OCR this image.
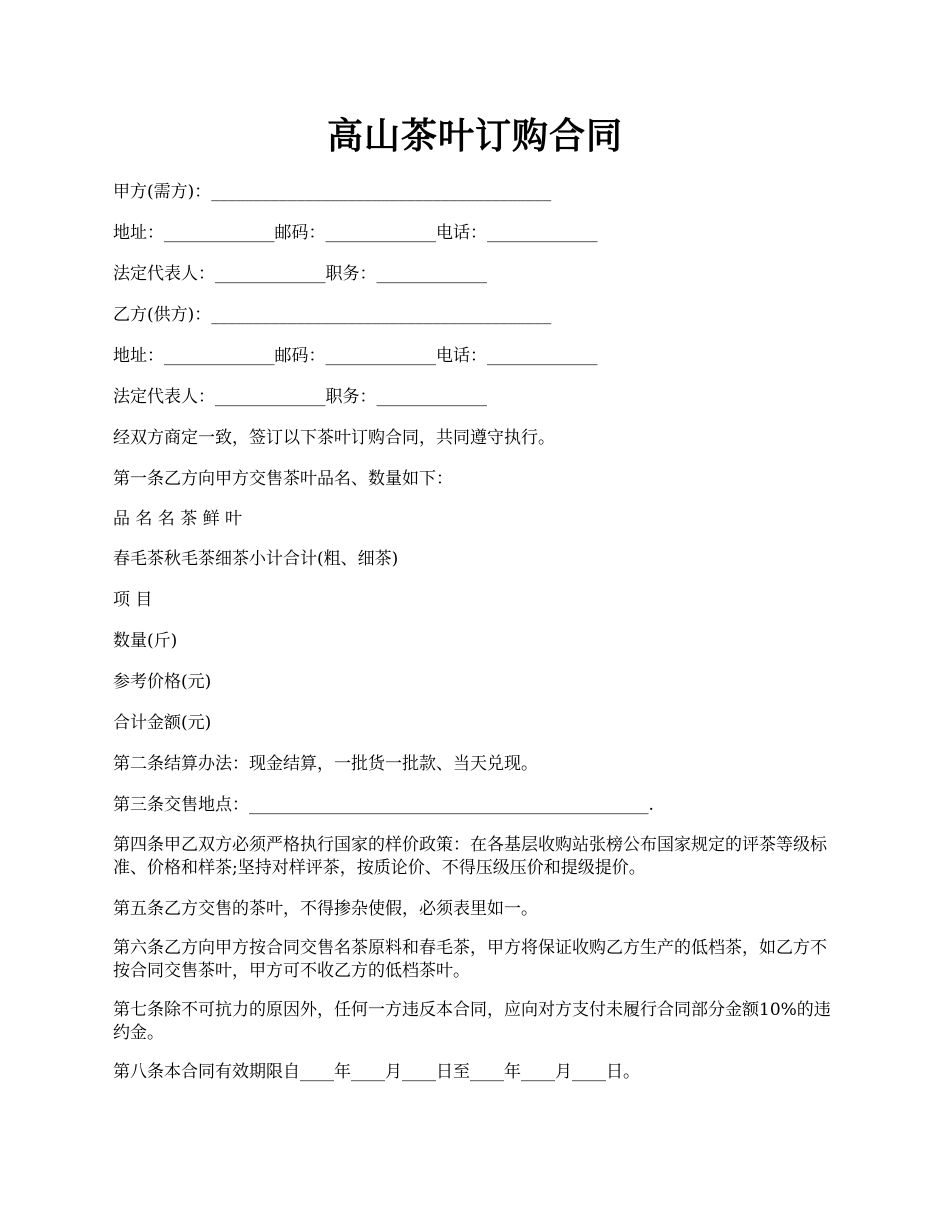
高山茶叶订购合同
甲方(需方)：________________________________________
地址：_____________邮码：_____________电话：_____________
法定代表人：_____________职务：_____________
乙方(供方)：________________________________________
地址：_____________邮码：_____________电话：_____________
法定代表人：_____________职务：_____________
经双方商定一致，签订以下茶叶订购合同，共同遵守执行。
第一条乙方向甲方交售茶叶品名、数量如下：
品 名 名 茶 鲜 叶
春毛茶秋毛茶细茶小计合计(粗、细茶)
项 目
数量(斤)
参考价格(元)
合计金额(元)
第二条结算办法：现金结算，一批货一批款、当天兑现。
第三条交售地点：_______________________________________________.
第四条甲乙双方必须严格执行国家的样价政策：在各基层收购站张榜公布国家规定的评茶等级标准、价格和样茶;坚持对样评茶，按质论价、不得压级压价和提级提价。
第五条乙方交售的茶叶，不得掺杂使假，必须表里如一。
第六条乙方向甲方按合同交售名茶原料和春毛茶，甲方将保证收购乙方生产的低档茶，如乙方不按合同交售茶叶，甲方可不收乙方的低档茶叶。
第七条除不可抗力的原因外，任何一方违反本合同，应向对方支付未履行合同部分金额10%的违约金。
第八条本合同有效期限自____年____月____日至____年____月____日。
